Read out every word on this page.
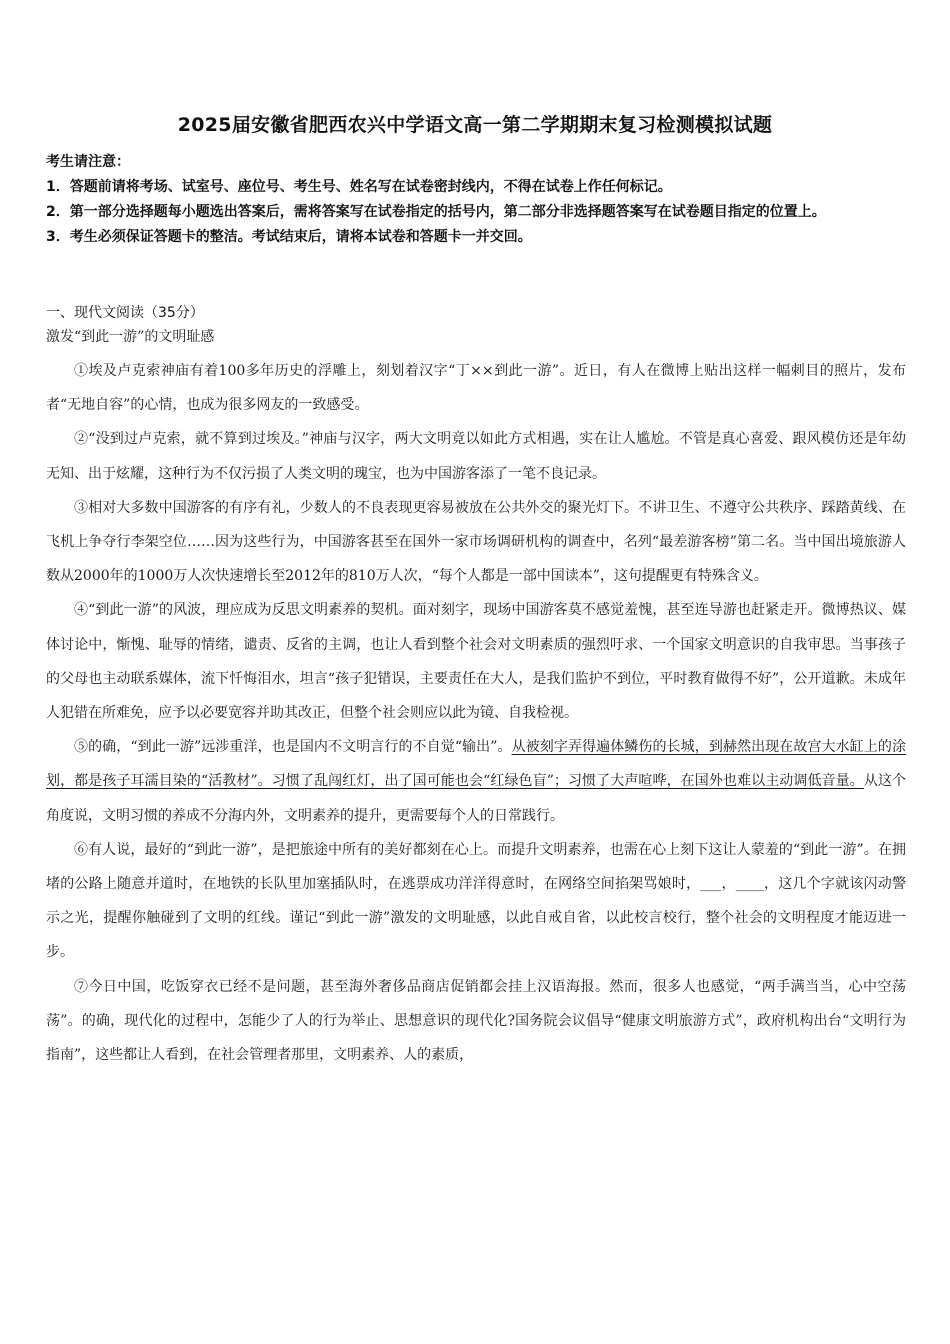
2025届安徽省肥西农兴中学语文高一第二学期期末复习检测模拟试题
考生请注意：
1．答题前请将考场、试室号、座位号、考生号、姓名写在试卷密封线内，不得在试卷上作任何标记。
2．第一部分选择题每小题选出答案后，需将答案写在试卷指定的括号内，第二部分非选择题答案写在试卷题目指定的位置上。
3．考生必须保证答题卡的整洁。考试结束后，请将本试卷和答题卡一并交回。
一、现代文阅读（35分）
激发“到此一游”的文明耻感

①埃及卢克索神庙有着100多年历史的浮雕上，刻划着汉字“丁××到此一游”。近日，有人在微博上贴出这样一幅刺目的照片，发布者“无地自容”的心情，也成为很多网友的一致感受。

②“没到过卢克索，就不算到过埃及。”神庙与汉字，两大文明竟以如此方式相遇，实在让人尴尬。不管是真心喜爱、跟风模仿还是年幼无知、出于炫耀，这种行为不仅污损了人类文明的瑰宝，也为中国游客添了一笔不良记录。

③相对大多数中国游客的有序有礼，少数人的不良表现更容易被放在公共外交的聚光灯下。不讲卫生、不遵守公共秩序、踩踏黄线、在飞机上争夺行李架空位……因为这些行为，中国游客甚至在国外一家市场调研机构的调查中，名列“最差游客榜”第二名。当中国出境旅游人数从2000年的1000万人次快速增长至2012年的810万人次，“每个人都是一部中国读本”，这句提醒更有特殊含义。

④“到此一游”的风波，理应成为反思文明素养的契机。面对刻字，现场中国游客莫不感觉羞愧，甚至连导游也赶紧走开。微博热议、媒体讨论中，惭愧、耻辱的情绪，谴责、反省的主调，也让人看到整个社会对文明素质的强烈吁求、一个国家文明意识的自我审思。当事孩子的父母也主动联系媒体，流下忏悔泪水，坦言“孩子犯错误，主要责任在大人，是我们监护不到位，平时教育做得不好”，公开道歉。未成年人犯错在所难免，应予以必要宽容并助其改正，但整个社会则应以此为镜、自我检视。

⑤的确，“到此一游”远涉重洋，也是国内不文明言行的不自觉“输出”。从被刻字弄得遍体鳞伤的长城，到赫然出现在故宫大水缸上的涂划，都是孩子耳濡目染的“活教材”。习惯了乱闯红灯，出了国可能也会“红绿色盲”；习惯了大声喧哗，在国外也难以主动调低音量。从这个角度说，文明习惯的养成不分海内外，文明素养的提升，更需要每个人的日常践行。

⑥有人说，最好的“到此一游”，是把旅途中所有的美好都刻在心上。而提升文明素养，也需在心上刻下这让人蒙羞的“到此一游”。在拥堵的公路上随意并道时，在地铁的长队里加塞插队时，在逃票成功洋洋得意时，在网络空间掐架骂娘时，___，____，这几个字就该闪动警示之光，提醒你触碰到了文明的红线。谨记“到此一游”激发的文明耻感，以此自戒自省，以此校言校行，整个社会的文明程度才能迈进一步。

⑦今日中国，吃饭穿衣已经不是问题，甚至海外奢侈品商店促销都会挂上汉语海报。然而，很多人也感觉，“两手满当当，心中空荡荡”。的确，现代化的过程中，怎能少了人的行为举止、思想意识的现代化?国务院会议倡导“健康文明旅游方式”，政府机构出台“文明行为指南”，这些都让人看到，在社会管理者那里，文明素养、人的素质，
